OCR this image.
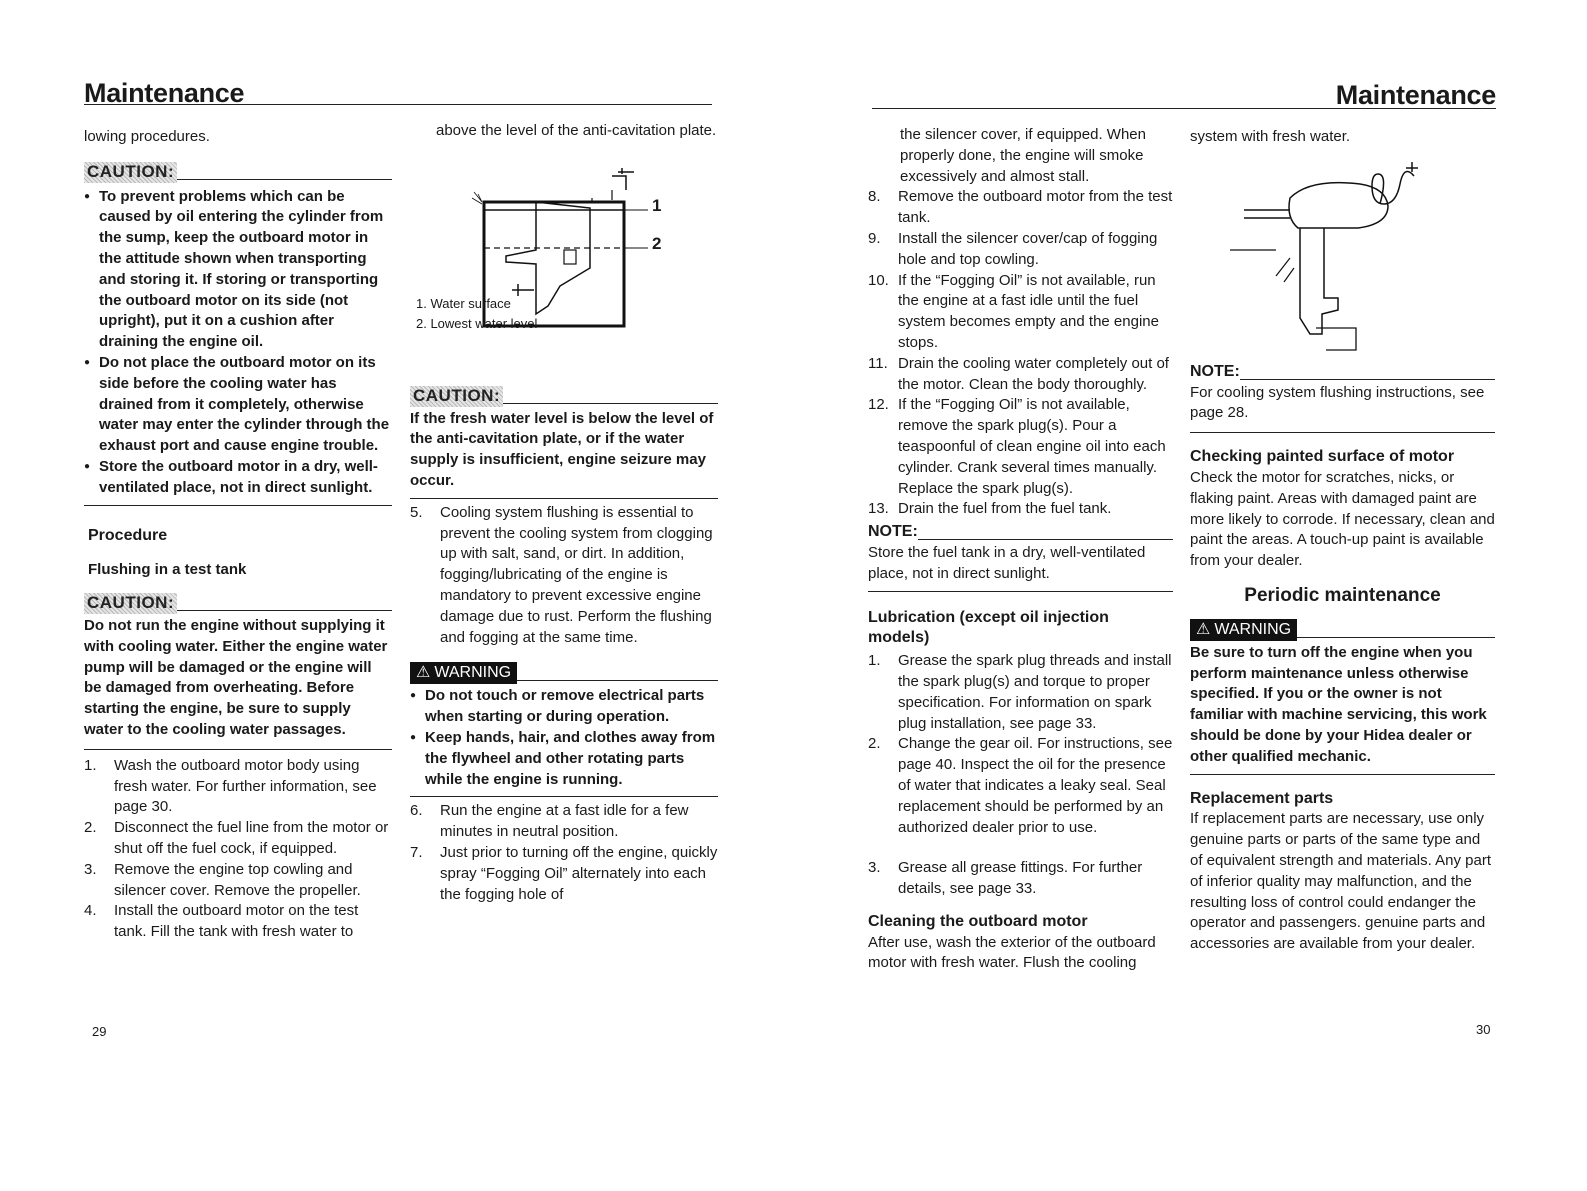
Maintenance

lowing procedures.

CAUTION:
● To prevent problems which can be caused by oil entering the cylinder from the sump, keep the outboard motor in the attitude shown when transporting and storing it. If storing or transporting the outboard motor on its side (not upright), put it on a cushion after draining the engine oil.
● Do not place the outboard motor on its side before the cooling water has drained from it completely, otherwise water may enter the cylinder through the exhaust port and cause engine trouble.
● Store the outboard motor in a dry, well-ventilated place, not in direct sunlight.

Procedure

Flushing in a test tank

CAUTION:

Do not run the engine without supplying it with cooling water. Either the engine water pump will be damaged or the engine will be damaged from overheating. Before starting the engine, be sure to supply water to the cooling water passages.

1. Wash the outboard motor body using fresh water. For further information, see page 30.
2. Disconnect the fuel line from the motor or shut off the fuel cock, if equipped.
3. Remove the engine top cowling and silencer cover. Remove the propeller.
4. Install the outboard motor on the test tank. Fill the tank with fresh water to

above the level of the anti-cavitation plate.

1
2
1. Water surface
2. Lowest water level
CAUTION:

If the fresh water level is below the level of the anti-cavitation plate, or if the water supply is insufficient, engine seizure may occur.

5. Cooling system flushing is essential to prevent the cooling system from clogging up with salt, sand, or dirt. In addition, fogging/lubricating of the engine is mandatory to prevent excessive engine damage due to rust. Perform the flushing and fogging at the same time.
⚠ WARNING
● Do not touch or remove electrical parts when starting or during operation.
● Keep hands, hair, and clothes away from the flywheel and other rotating parts while the engine is running.
6. Run the engine at a fast idle for a few minutes in neutral position.
7. Just prior to turning off the engine, quickly spray “Fogging Oil” alternately into each the fogging hole of
29
Maintenance

the silencer cover, if equipped. When properly done, the engine will smoke excessively and almost stall.

8. Remove the outboard motor from the test tank.
9. Install the silencer cover/cap of fogging hole and top cowling.
10. If the “Fogging Oil” is not available, run the engine at a fast idle until the fuel system becomes empty and the engine stops.
11. Drain the cooling water completely out of the motor. Clean the body thoroughly.
12. If the “Fogging Oil” is not available, remove the spark plug(s). Pour a teaspoonful of clean engine oil into each cylinder. Crank several times manually. Replace the spark plug(s).
13. Drain the fuel from the fuel tank.
NOTE:

Store the fuel tank in a dry, well-ventilated place, not in direct sunlight.

Lubrication (except oil injection models)

1. Grease the spark plug threads and install the spark plug(s) and torque to proper specification. For information on spark plug installation, see page 33.
2. Change the gear oil. For instructions, see page 40. Inspect the oil for the presence of water that indicates a leaky seal. Seal replacement should be performed by an authorized dealer prior to use.
3. Grease all grease fittings. For further details, see page 33.

Cleaning the outboard motor

After use, wash the exterior of the outboard motor with fresh water. Flush the cooling

system with fresh water.

NOTE:

For cooling system flushing instructions, see page 28.

Checking painted surface of motor

Check the motor for scratches, nicks, or flaking paint. Areas with damaged paint are more likely to corrode. If necessary, clean and paint the areas. A touch-up paint is available from your dealer.

Periodic maintenance
⚠ WARNING

Be sure to turn off the engine when you perform maintenance unless otherwise specified. If you or the owner is not familiar with machine servicing, this work should be done by your Hidea dealer or other qualified mechanic.

Replacement parts

If replacement parts are necessary, use only genuine parts or parts of the same type and of equivalent strength and materials. Any part of inferior quality may malfunction, and the resulting loss of control could endanger the operator and passengers. genuine parts and accessories are available from your dealer.

30
